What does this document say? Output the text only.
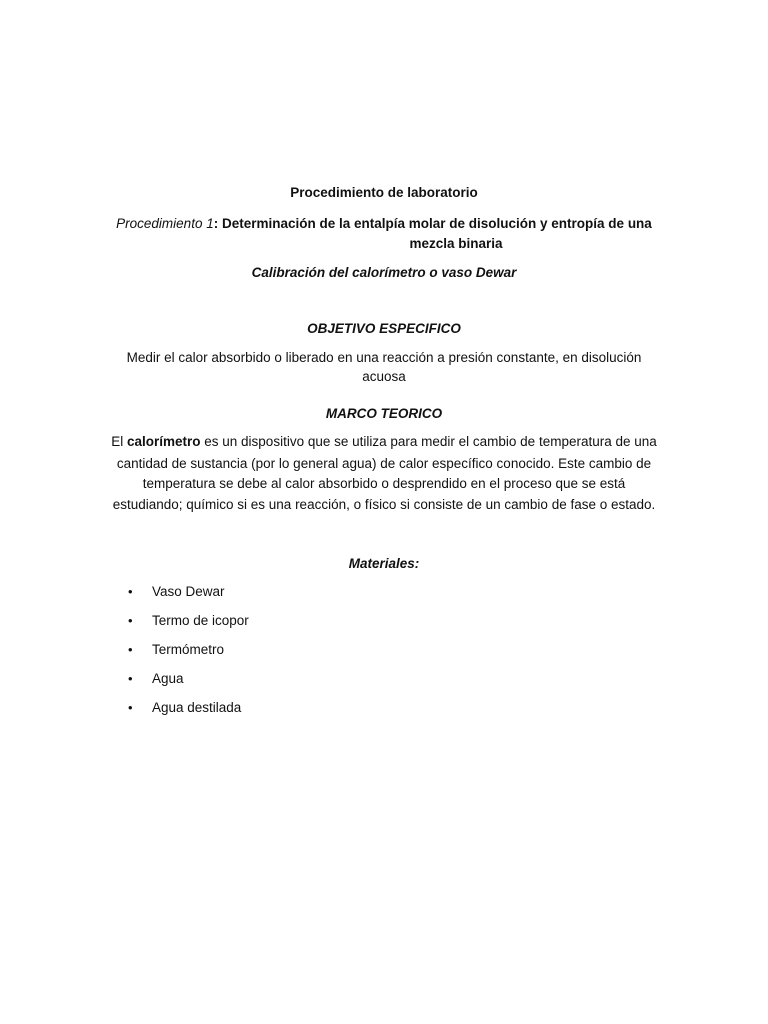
Procedimiento de laboratorio
Procedimiento 1: Determinación de la entalpía molar de disolución y entropía de una
mezcla binaria
Calibración del calorímetro o vaso Dewar
OBJETIVO ESPECIFICO
Medir el calor absorbido o liberado en una reacción a presión constante, en disolución
acuosa
MARCO TEORICO
El calorímetro es un dispositivo que se utiliza para medir el cambio de temperatura de una
cantidad de sustancia (por lo general agua) de calor específico conocido. Este cambio de
temperatura se debe al calor absorbido o desprendido en el proceso que se está
estudiando; químico si es una reacción, o físico si consiste de un cambio de fase o estado.
Materiales:
•	Vaso Dewar
•	Termo de icopor
•	Termómetro
•	Agua
•	Agua destilada
